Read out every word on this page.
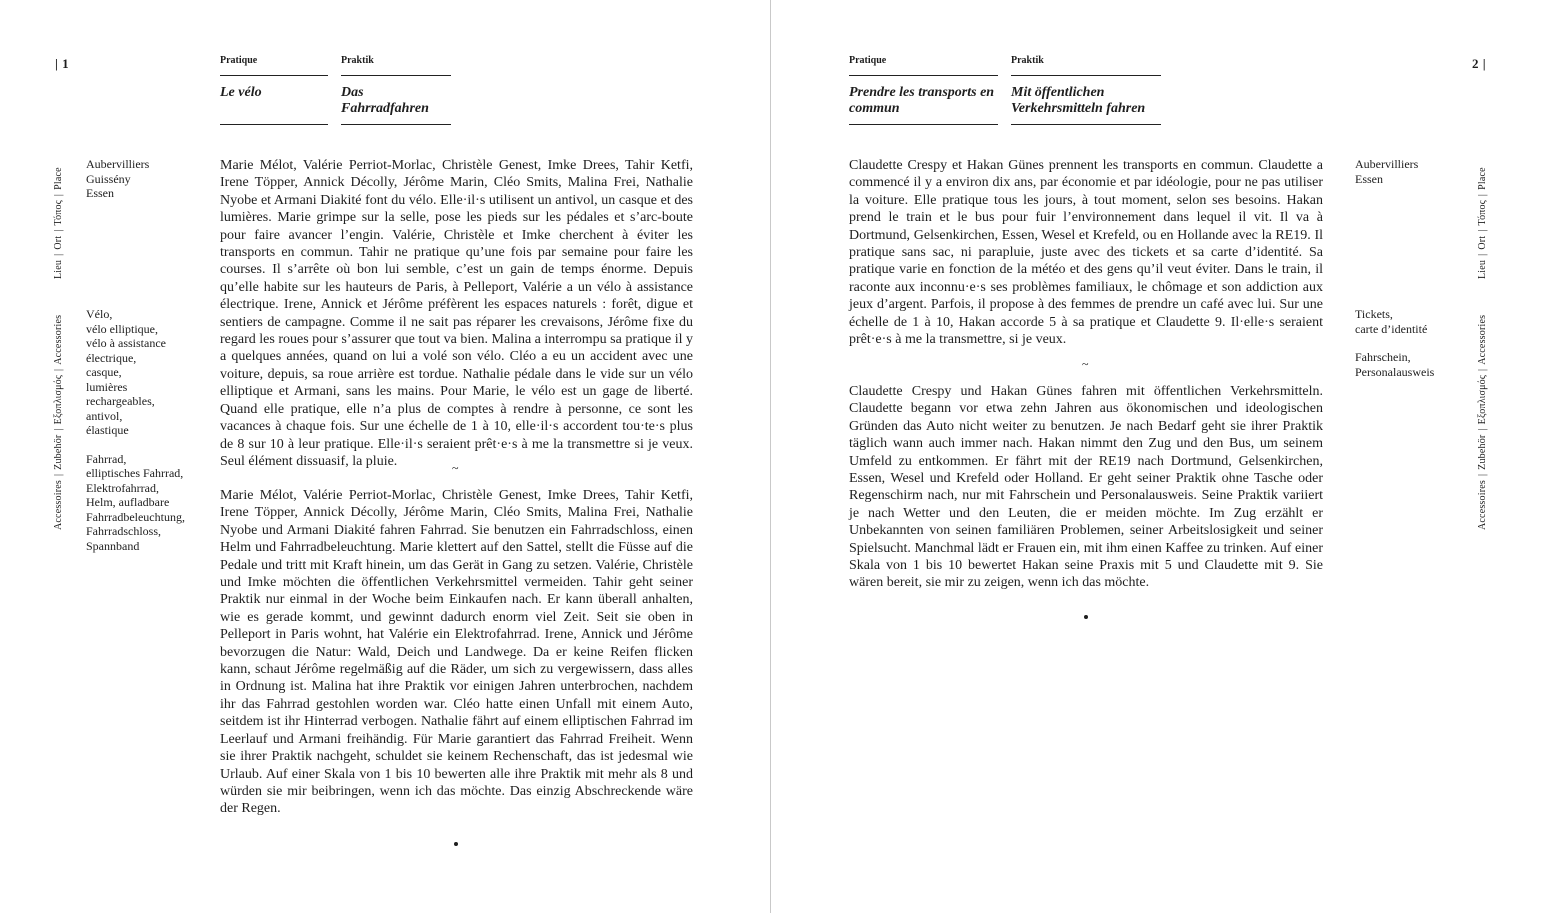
| 1	Pratique
Le vélo
Praktik
Das Fahrradfahren
Lieu|Ort|Τόπος|Place
Accessoires|Zubehör|Εξοπλισμός|Accessories

Aubervilliers

Guissény

Essen

Vélo,

vélo elliptique,

vélo à assistance

électrique,

casque,

lumières

rechargeables,

antivol,

élastique

Fahrrad,

elliptisches Fahrrad,

Elektrofahrrad,

Helm, aufladbare

Fahrradbeleuchtung,

Fahrradschloss,

Spannband

Marie Mélot, Valérie Perriot-Morlac, Christèle Genest, Imke Drees, Tahir Ketfi, Irene Töpper, Annick Décolly, Jérôme Marin, Cléo Smits, Malina Frei, Nathalie Nyobe et Armani Diakité font du vélo. Elle·il·s utilisent un antivol, un casque et des lumières. Marie grimpe sur la selle, pose les pieds sur les pédales et s’arc-boute pour faire avancer l’engin. Valérie, Christèle et Imke cherchent à éviter les transports en commun. Tahir ne pratique qu’une fois par semaine pour faire les courses. Il s’arrête où bon lui semble, c’est un gain de temps énorme. Depuis qu’elle habite sur les hauteurs de Paris, à Pelleport, Valérie a un vélo à assistance électrique. Irene, Annick et Jérôme préfèrent les espaces naturels : forêt, digue et sentiers de campagne. Comme il ne sait pas réparer les crevaisons, Jérôme fixe du regard les roues pour s’assurer que tout va bien. Malina a interrompu sa pratique il y a quelques années, quand on lui a volé son vélo. Cléo a eu un accident avec une voiture, depuis, sa roue arrière est tordue. Nathalie pédale dans le vide sur un vélo elliptique et Armani, sans les mains. Pour Marie, le vélo est un gage de liberté. Quand elle pratique, elle n’a plus de comptes à rendre à personne, ce sont les vacances à chaque fois. Sur une échelle de 1 à 10, elle·il·s accordent tou·te·s plus de 8 sur 10 à leur pratique. Elle·il·s seraient prêt·e·s à me la transmettre si je veux. Seul élément dissuasif, la pluie.	~

Marie Mélot, Valérie Perriot-Morlac, Christèle Genest, Imke Drees, Tahir Ketfi, Irene Töpper, Annick Décolly, Jérôme Marin, Cléo Smits, Malina Frei, Nathalie Nyobe und Armani Diakité fahren Fahrrad. Sie benutzen ein Fahrradschloss, einen Helm und Fahrradbeleuchtung. Marie klettert auf den Sattel, stellt die Füsse auf die Pedale und tritt mit Kraft hinein, um das Gerät in Gang zu setzen. Valérie, Christèle und Imke möchten die öffentlichen Verkehrsmittel vermeiden. Tahir geht seiner Praktik nur einmal in der Woche beim Einkaufen nach. Er kann überall anhalten, wie es gerade kommt, und gewinnt dadurch enorm viel Zeit. Seit sie oben in Pelleport in Paris wohnt, hat Valérie ein Elektrofahrrad. Irene, Annick und Jérôme bevorzugen die Natur: Wald, Deich und Landwege. Da er keine Reifen flicken kann, schaut Jérôme regelmäßig auf die Räder, um sich zu vergewissern, dass alles in Ordnung ist. Malina hat ihre Praktik vor einigen Jahren unterbrochen, nachdem ihr das Fahrrad gestohlen worden war. Cléo hatte einen Unfall mit einem Auto, seitdem ist ihr Hinterrad verbogen. Nathalie fährt auf einem elliptischen Fahrrad im Leerlauf und Armani freihändig. Für Marie garantiert das Fahrrad Freiheit. Wenn sie ihrer Praktik nachgeht, schuldet sie keinem Rechenschaft, das ist jedesmal wie Urlaub. Auf einer Skala von 1 bis 10 bewerten alle ihre Praktik mit mehr als 8 und würden sie mir beibringen, wenn ich das möchte. Das einzig Abschreckende wäre der Regen.

2 |
Pratique
Prendre les transports en commun
Praktik
Mit öffentlichen Verkehrsmitteln fahren

Claudette Crespy et Hakan Günes prennent les transports en commun. Claudette a commencé il y a environ dix ans, par économie et par idéologie, pour ne pas utiliser la voiture. Elle pratique tous les jours, à tout moment, selon ses besoins. Hakan prend le train et le bus pour fuir l’environnement dans lequel il vit. Il va à Dortmund, Gelsenkirchen, Essen, Wesel et Krefeld, ou en Hollande avec la RE19. Il pratique sans sac, ni parapluie, juste avec des tickets et sa carte d’identité. Sa pratique varie en fonction de la météo et des gens qu’il veut éviter. Dans le train, il raconte aux inconnu·e·s ses problèmes familiaux, le chômage et son addiction aux jeux d’argent. Parfois, il propose à des femmes de prendre un café avec lui. Sur une échelle de 1 à 10, Hakan accorde 5 à sa pratique et Claudette 9. Il·elle·s seraient prêt·e·s à me la transmettre, si je veux.

~

Claudette Crespy und Hakan Günes fahren mit öffentlichen Verkehrsmitteln. Claudette begann vor etwa zehn Jahren aus ökonomischen und ideologischen Gründen das Auto nicht weiter zu benutzen. Je nach Bedarf geht sie ihrer Praktik täglich wann auch immer nach. Hakan nimmt den Zug und den Bus, um seinem Umfeld zu entkommen. Er fährt mit der RE19 nach Dortmund, Gelsenkirchen, Essen, Wesel und Krefeld oder Holland. Er geht seiner Praktik ohne Tasche oder Regenschirm nach, nur mit Fahrschein und Personalausweis. Seine Praktik variiert je nach Wetter und den Leuten, die er meiden möchte. Im Zug erzählt er Unbekannten von seinen familiären Problemen, seiner Arbeitslosigkeit und seiner Spielsucht. Manchmal lädt er Frauen ein, mit ihm einen Kaffee zu trinken. Auf einer Skala von 1 bis 10 bewertet Hakan seine Praxis mit 5 und Claudette mit 9. Sie wären bereit, sie mir zu zeigen, wenn ich das möchte.

Aubervilliers

Essen

Tickets,

carte d’identité

Fahrschein,

Personalausweis

Lieu|Ort|Τόπος|Place
Accessoires|Zubehör|Εξοπλισμός|Accessories
